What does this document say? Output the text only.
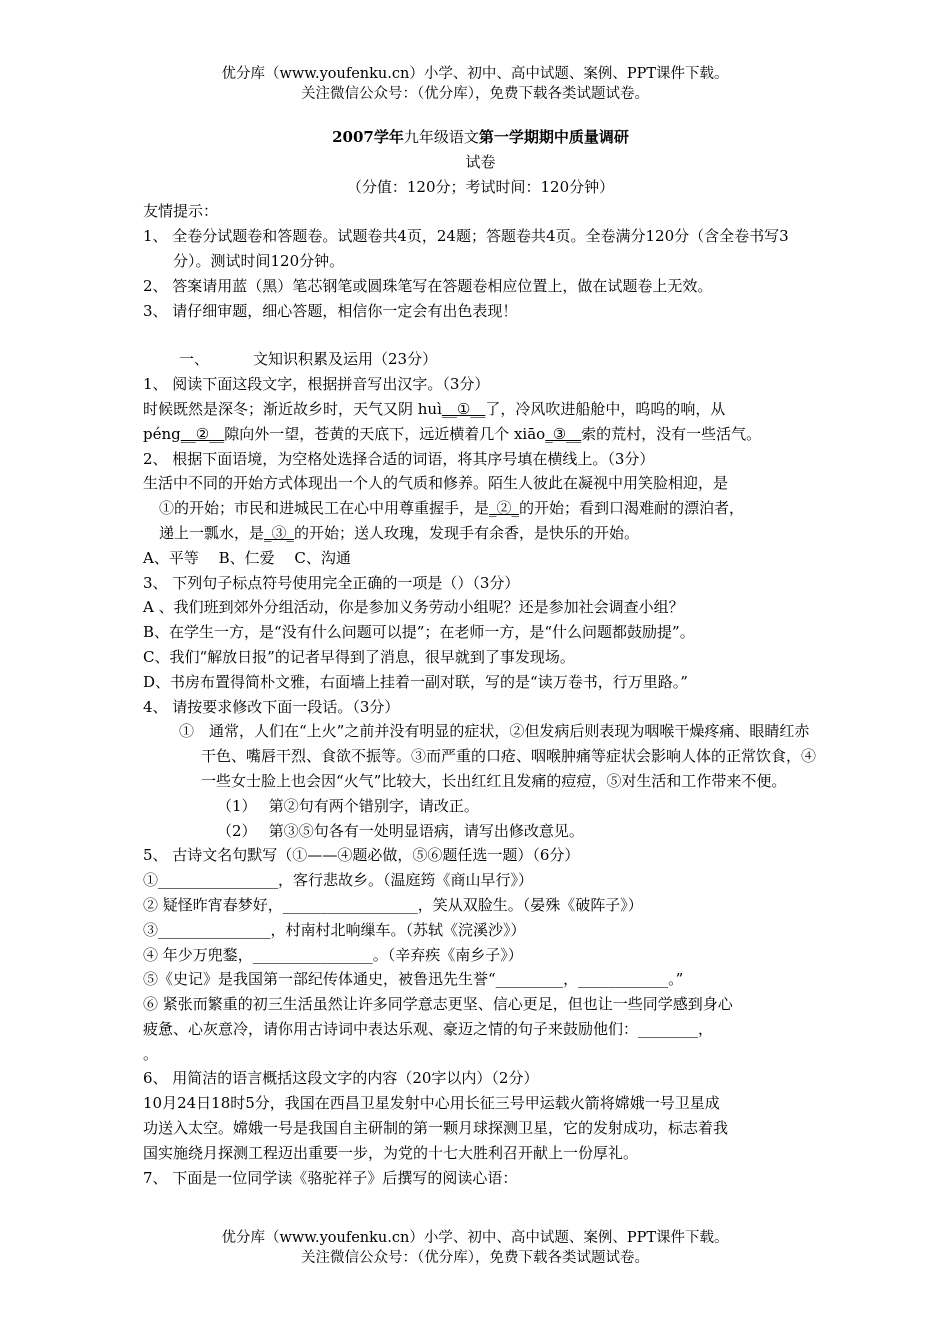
优分库（www.youfenku.cn）小学、初中、高中试题、案例、PPT课件下载。
关注微信公众号：（优分库），免费下载各类试题试卷。
2007学年九年级语文第一学期期中质量调研
试卷
（分值：120分；考试时间：120分钟）
友情提示：
1、 全卷分试题卷和答题卷。试题卷共4页，24题；答题卷共4页。全卷满分120分（含全卷书写3分）。测试时间120分钟。
2、 答案请用蓝（黑）笔芯钢笔或圆珠笔写在答题卷相应位置上，做在试题卷上无效。
3、 请仔细审题，细心答题，相信你一定会有出色表现！
一、	文知识积累及运用（23分）
1、 阅读下面这段文字，根据拼音写出汉字。（3分）
时候既然是深冬；渐近故乡时，天气又阴 huì__①__了，冷风吹进船舱中，呜呜的响，从
péng__②__隙向外一望，苍黄的天底下，远近横着几个 xiāo_③__索的荒村，没有一些活气。
2、 根据下面语境，为空格处选择合适的词语，将其序号填在横线上。（3分）
生活中不同的开始方式体现出一个人的气质和修养。陌生人彼此在凝视中用笑脸相迎，是
①的开始；市民和进城民工在心中用尊重握手，是_②_的开始；看到口渴难耐的漂泊者，
递上一瓢水，是_③_的开始；送人玫瑰，发现手有余香，是快乐的开始。
A、平等　 B、仁爱　 C、沟通
3、 下列句子标点符号使用完全正确的一项是（）（3分）
A 、我们班到郊外分组活动，你是参加义务劳动小组呢？还是参加社会调查小组？
B、在学生一方，是“没有什么问题可以提”；在老师一方，是“什么问题都鼓励提”。
C、我们“解放日报”的记者早得到了消息，很早就到了事发现场。
D、书房布置得简朴文雅，右面墙上挂着一副对联，写的是“读万卷书，行万里路。”
4、 请按要求修改下面一段话。（3分）
①　通常，人们在“上火”之前并没有明显的症状，②但发病后则表现为咽喉干燥疼痛、眼睛红赤干色、嘴唇干烈、食欲不振等。③而严重的口疮、咽喉肿痛等症状会影响人体的正常饮食，④一些女士脸上也会因“火气”比较大，长出红红且发痛的痘痘，⑤对生活和工作带来不便。
（1）　 第②句有两个错别字，请改正。
（2）　 第③⑤句各有一处明显语病，请写出修改意见。
5、 古诗文名句默写（①——④题必做，⑤⑥题任选一题）（6分）
①________________，客行悲故乡。（温庭筠《商山早行》）
② 疑怪昨宵春梦好，__________________，笑从双脸生。（晏殊《破阵子》）
③_______________，村南村北响缫车。（苏轼《浣溪沙》）
④ 年少万兜鍪，________________。（辛弃疾《南乡子》）
⑤《史记》是我国第一部纪传体通史，被鲁迅先生誉“_________，____________。”
⑥ 紧张而繁重的初三生活虽然让许多同学意志更坚、信心更足，但也让一些同学感到身心
疲惫、心灰意冷，请你用古诗词中表达乐观、豪迈之情的句子来鼓励他们：________，
。
6、 用简洁的语言概括这段文字的内容（20字以内）（2分）
10月24日18时5分，我国在西昌卫星发射中心用长征三号甲运载火箭将嫦娥一号卫星成
功送入太空。嫦娥一号是我国自主研制的第一颗月球探测卫星，它的发射成功，标志着我
国实施绕月探测工程迈出重要一步，为党的十七大胜利召开献上一份厚礼。
7、 下面是一位同学读《骆驼祥子》后撰写的阅读心语：
优分库（www.youfenku.cn）小学、初中、高中试题、案例、PPT课件下载。
关注微信公众号：（优分库），免费下载各类试题试卷。
